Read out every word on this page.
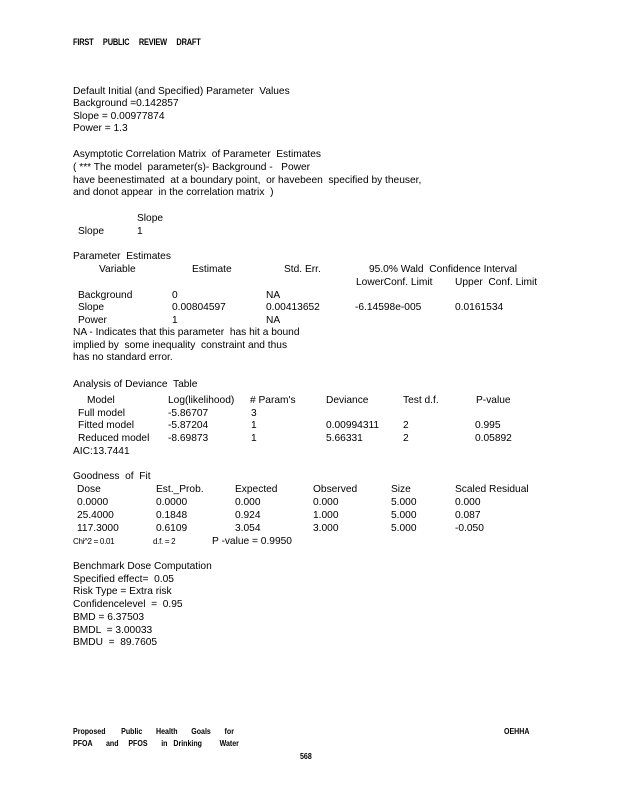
FIRST     PUBLIC     REVIEW     DRAFT
Default Initial (and Specified) Parameter  Values
Background =0.142857
Slope = 0.00977874
Power = 1.3
Asymptotic Correlation Matrix  of Parameter  Estimates
( *** The model  parameter(s)- Background -   Power
have beenestimated  at a boundary point,  or havebeen  specified by theuser,
and donot appear  in the correlation matrix  )
Slope
Slope	1
Parameter  Estimates
Variable	Estimate	Std. Err.	95.0% Wald  Confidence Interval
LowerConf. Limit Upper  Conf. Limit
Background	0	NA
Slope	0.00804597	0.00413652	-6.14598e-005	0.0161534
Power	1	NA
NA - Indicates that this parameter  has hit a bound
implied by  some inequality  constraint and thus
has no standard error.
Analysis of Deviance  Table
Model	Log(likelihood) # Param's	Deviance	Test d.f.	P-value
Full model	-5.86707	3
Fitted model	-5.87204	1	0.00994311 2	0.995
Reduced model -8.69873	1	5.66331	2	0.05892
AIC:13.7441
Goodness  of  Fit
Dose	Est._Prob.	Expected	Observed	Size	Scaled Residual
0.0000	0.0000	0.000	0.000	5.000	0.000
25.4000	0.1848	0.924	1.000	5.000	0.087
117.3000	0.6109	3.054	3.000	5.000	-0.050
Chi^2 = 0.01	d.f. = 2	P -value = 0.9950
Benchmark Dose Computation
Specified effect=  0.05
Risk Type = Extra risk
Confidencelevel  =  0.95
BMD = 6.37503
BMDL  = 3.00033
BMDU  =  89.7605
Proposed        Public       Health       Goals       for
PFOA       and     PFOS       in   Drinking         Water
OEHHA
568
